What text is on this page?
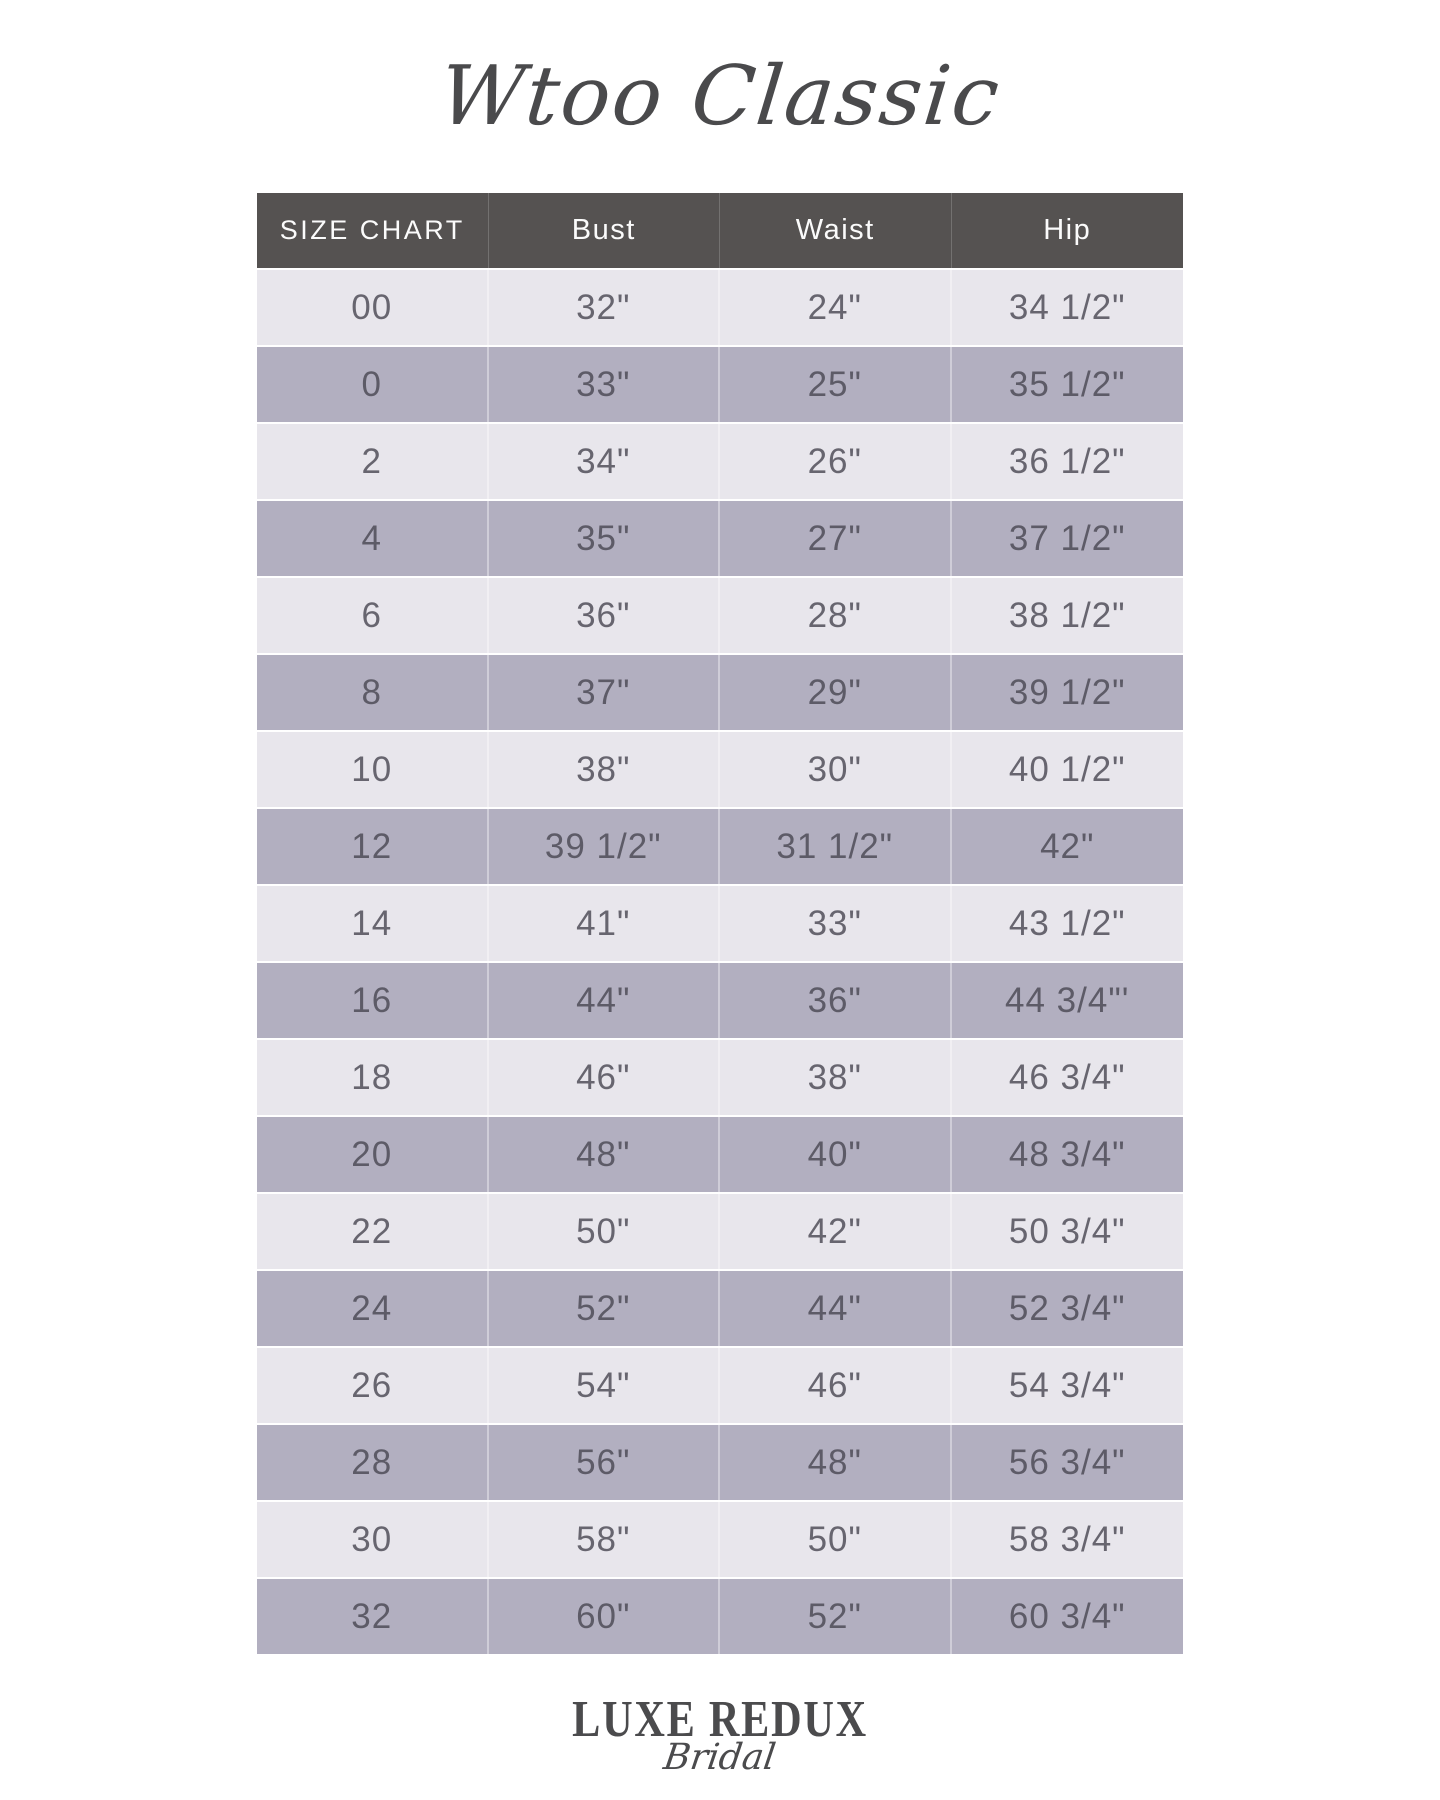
Wtoo Classic
SIZE CHART	Bust	Waist	Hip
00	32"	24"	34 1/2"
0	33"	25"	35 1/2"
2	34"	26"	36 1/2"
4	35"	27"	37 1/2"
6	36"	28"	38 1/2"
8	37"	29"	39 1/2"
10	38"	30"	40 1/2"
12	39 1/2"	31 1/2"	42"
14	41"	33"	43 1/2"
16	44"	36"	44 3/4"'
18	46"	38"	46 3/4"
20	48"	40"	48 3/4"
22	50"	42"	50 3/4"
24	52"	44"	52 3/4"
26	54"	46"	54 3/4"
28	56"	48"	56 3/4"
30	58"	50"	58 3/4"
32	60"	52"	60 3/4"
LUXE REDUX
Bridal
